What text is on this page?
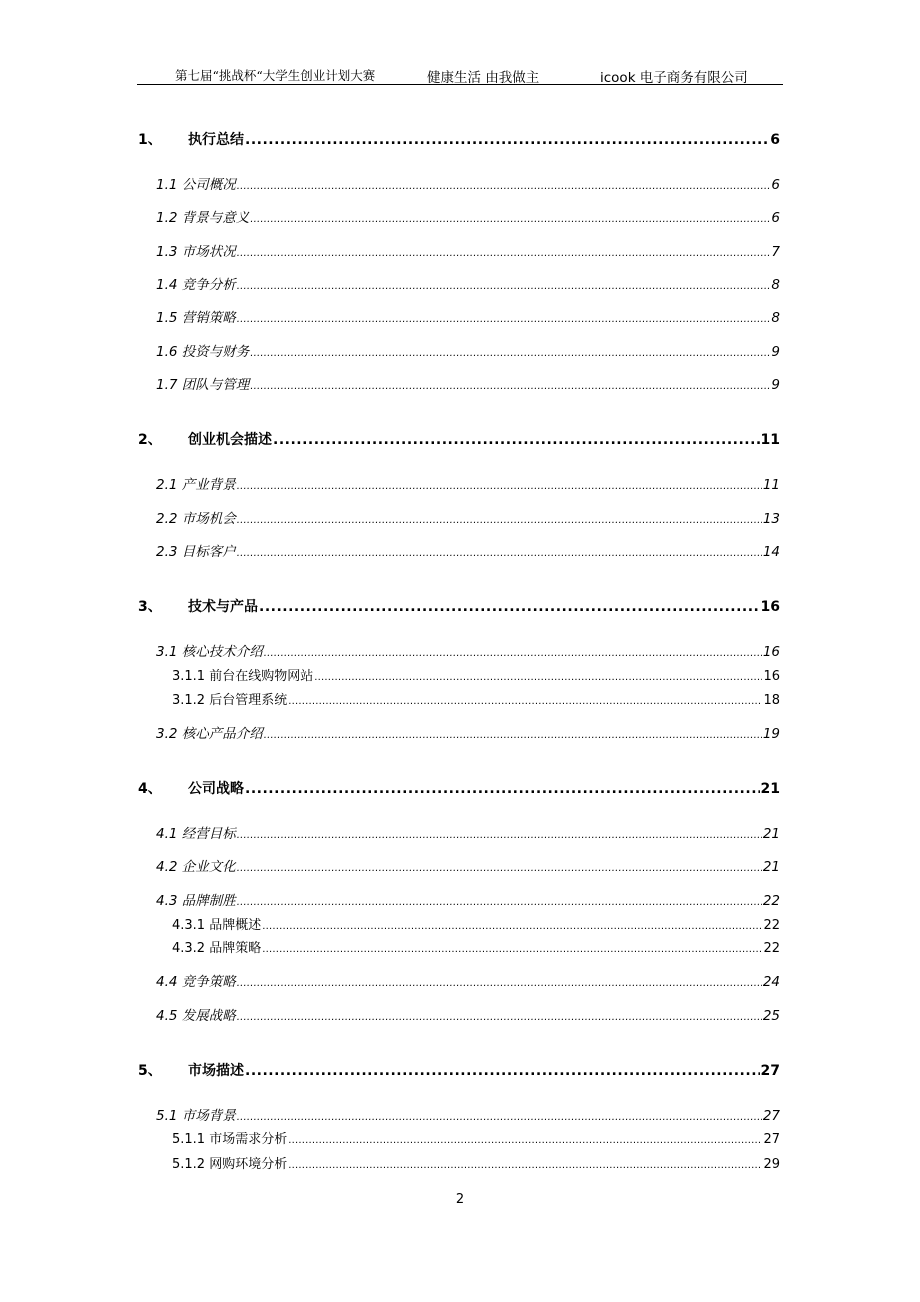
第七届“挑战杯“大学生创业计划大赛	健康生活 由我做主	icook 电子商务有限公司
1、	执行总结 .....	6
1.1 公司概况 .....	6
1.2 背景与意义 .....	6
1.3 市场状况 .....	7
1.4 竞争分析 .....	8
1.5 营销策略 .....	8
1.6 投资与财务 .....	9
1.7 团队与管理 .....	9
2、	创业机会描述 .....	11
2.1 产业背景 .....	11
2.2 市场机会 .....	13
2.3 目标客户 .....	14
3、	技术与产品 .....	16
3.1 核心技术介绍 .....	16
3.1.1 前台在线购物网站 .....	16
3.1.2 后台管理系统 .....	18
3.2 核心产品介绍 .....	19
4、	公司战略 .....	21
4.1 经营目标 .....	21
4.2 企业文化 .....	21
4.3 品牌制胜 .....	22
4.3.1 品牌概述 .....	22
4.3.2 品牌策略 .....	22
4.4 竞争策略 .....	24
4.5 发展战略 .....	25
5、	市场描述 .....	27
5.1 市场背景 .....	27
5.1.1 市场需求分析 .....	27
5.1.2 网购环境分析 .....	29
2
